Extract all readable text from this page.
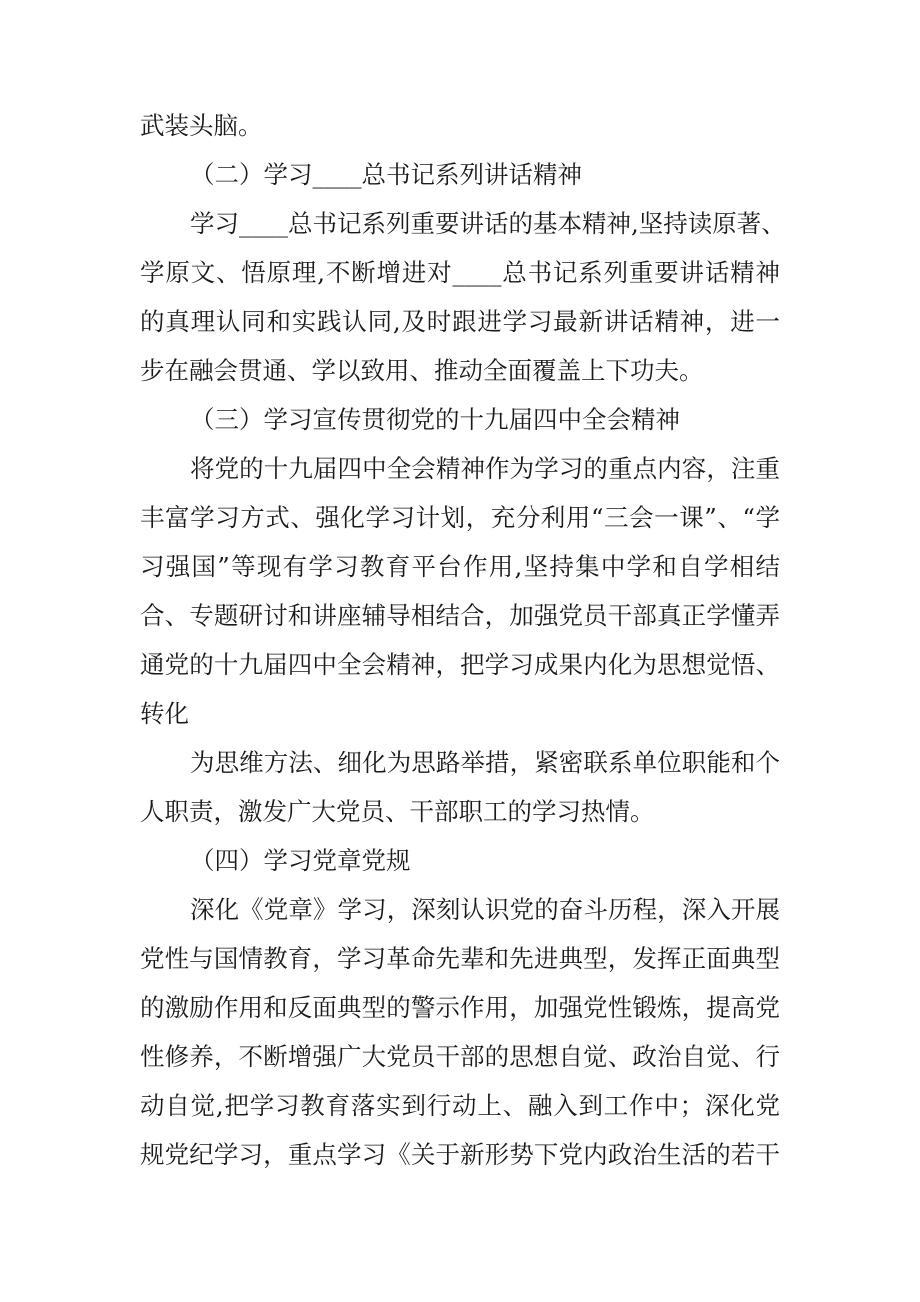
武装头脑。

（二）学习____总书记系列讲话精神

学习____总书记系列重要讲话的基本精神,坚持读原著、

学原文、悟原理,不断增进对____总书记系列重要讲话精神

的真理认同和实践认同,及时跟进学习最新讲话精神，进一

步在融会贯通、学以致用、推动全面覆盖上下功夫。

（三）学习宣传贯彻党的十九届四中全会精神

将党的十九届四中全会精神作为学习的重点内容，注重

丰富学习方式、强化学习计划，充分利用“三会一课”、“学

习强国”等现有学习教育平台作用,坚持集中学和自学相结

合、专题研讨和讲座辅导相结合，加强党员干部真正学懂弄

通党的十九届四中全会精神，把学习成果内化为思想觉悟、

转化

为思维方法、细化为思路举措，紧密联系单位职能和个

人职责，激发广大党员、干部职工的学习热情。

（四）学习党章党规

深化《党章》学习，深刻认识党的奋斗历程，深入开展

党性与国情教育，学习革命先辈和先进典型，发挥正面典型

的激励作用和反面典型的警示作用，加强党性锻炼，提高党

性修养，不断增强广大党员干部的思想自觉、政治自觉、行

动自觉,把学习教育落实到行动上、融入到工作中；深化党

规党纪学习，重点学习《关于新形势下党内政治生活的若干
